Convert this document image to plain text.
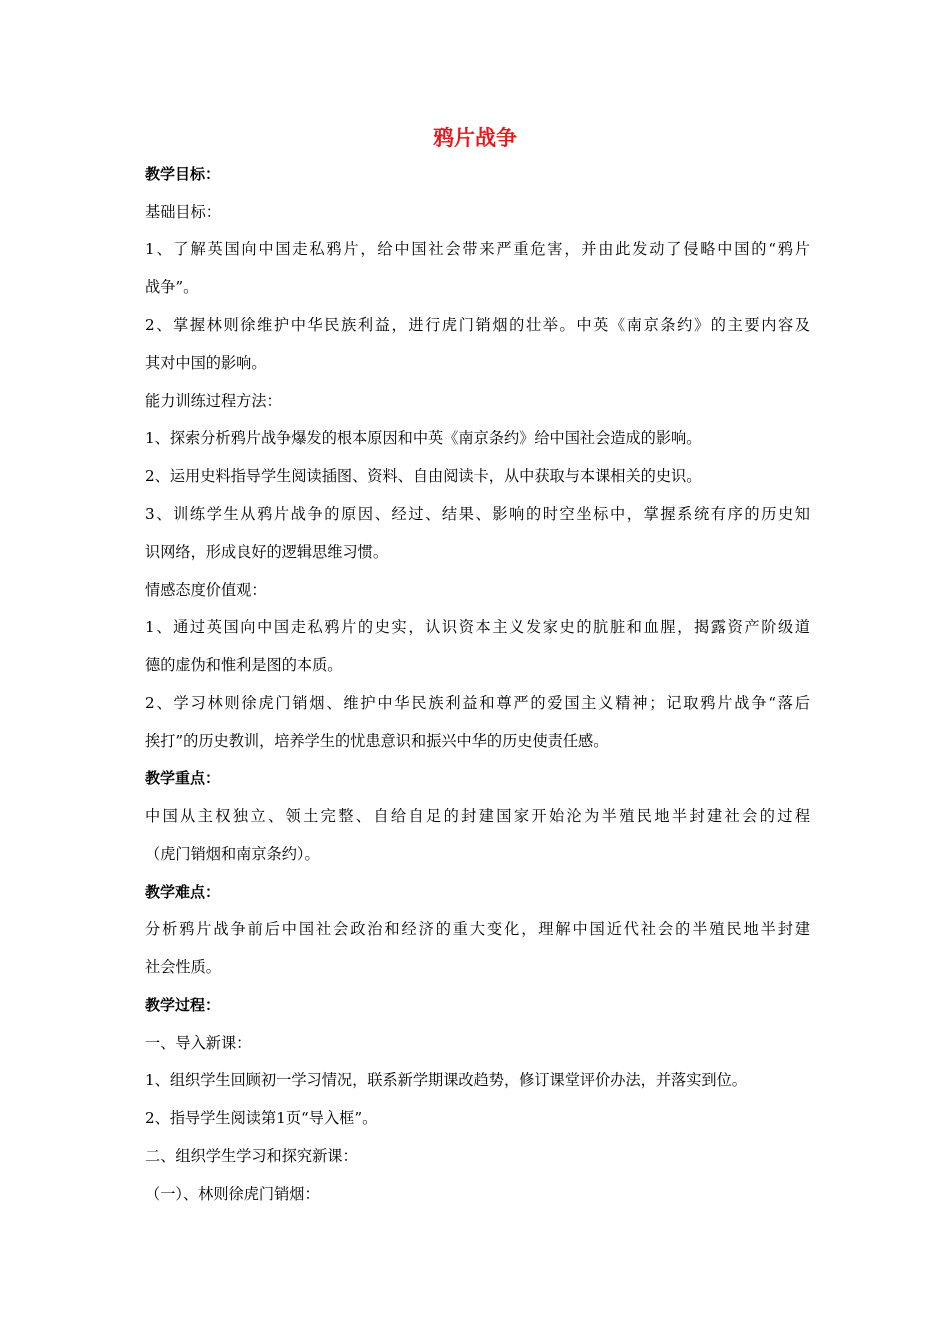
鸦片战争
教学目标：
基础目标：
1、了解英国向中国走私鸦片，给中国社会带来严重危害，并由此发动了侵略中国的“鸦片
战争”。
2、掌握林则徐维护中华民族利益，进行虎门销烟的壮举。中英《南京条约》的主要内容及
其对中国的影响。
能力训练过程方法：
1、探索分析鸦片战争爆发的根本原因和中英《南京条约》给中国社会造成的影响。
2、运用史料指导学生阅读插图、资料、自由阅读卡，从中获取与本课相关的史识。
3、训练学生从鸦片战争的原因、经过、结果、影响的时空坐标中，掌握系统有序的历史知
识网络，形成良好的逻辑思维习惯。
情感态度价值观：
1、通过英国向中国走私鸦片的史实，认识资本主义发家史的肮脏和血腥，揭露资产阶级道
德的虚伪和惟利是图的本质。
2、学习林则徐虎门销烟、维护中华民族利益和尊严的爱国主义精神；记取鸦片战争“落后
挨打”的历史教训，培养学生的忧患意识和振兴中华的历史使责任感。
教学重点：
中国从主权独立、领土完整、自给自足的封建国家开始沦为半殖民地半封建社会的过程
（虎门销烟和南京条约）。
教学难点：
分析鸦片战争前后中国社会政治和经济的重大变化，理解中国近代社会的半殖民地半封建
社会性质。
教学过程：
一、导入新课：
1、组织学生回顾初一学习情况，联系新学期课改趋势，修订课堂评价办法，并落实到位。
2、指导学生阅读第1页“导入框”。
二、组织学生学习和探究新课：
（一）、林则徐虎门销烟：
